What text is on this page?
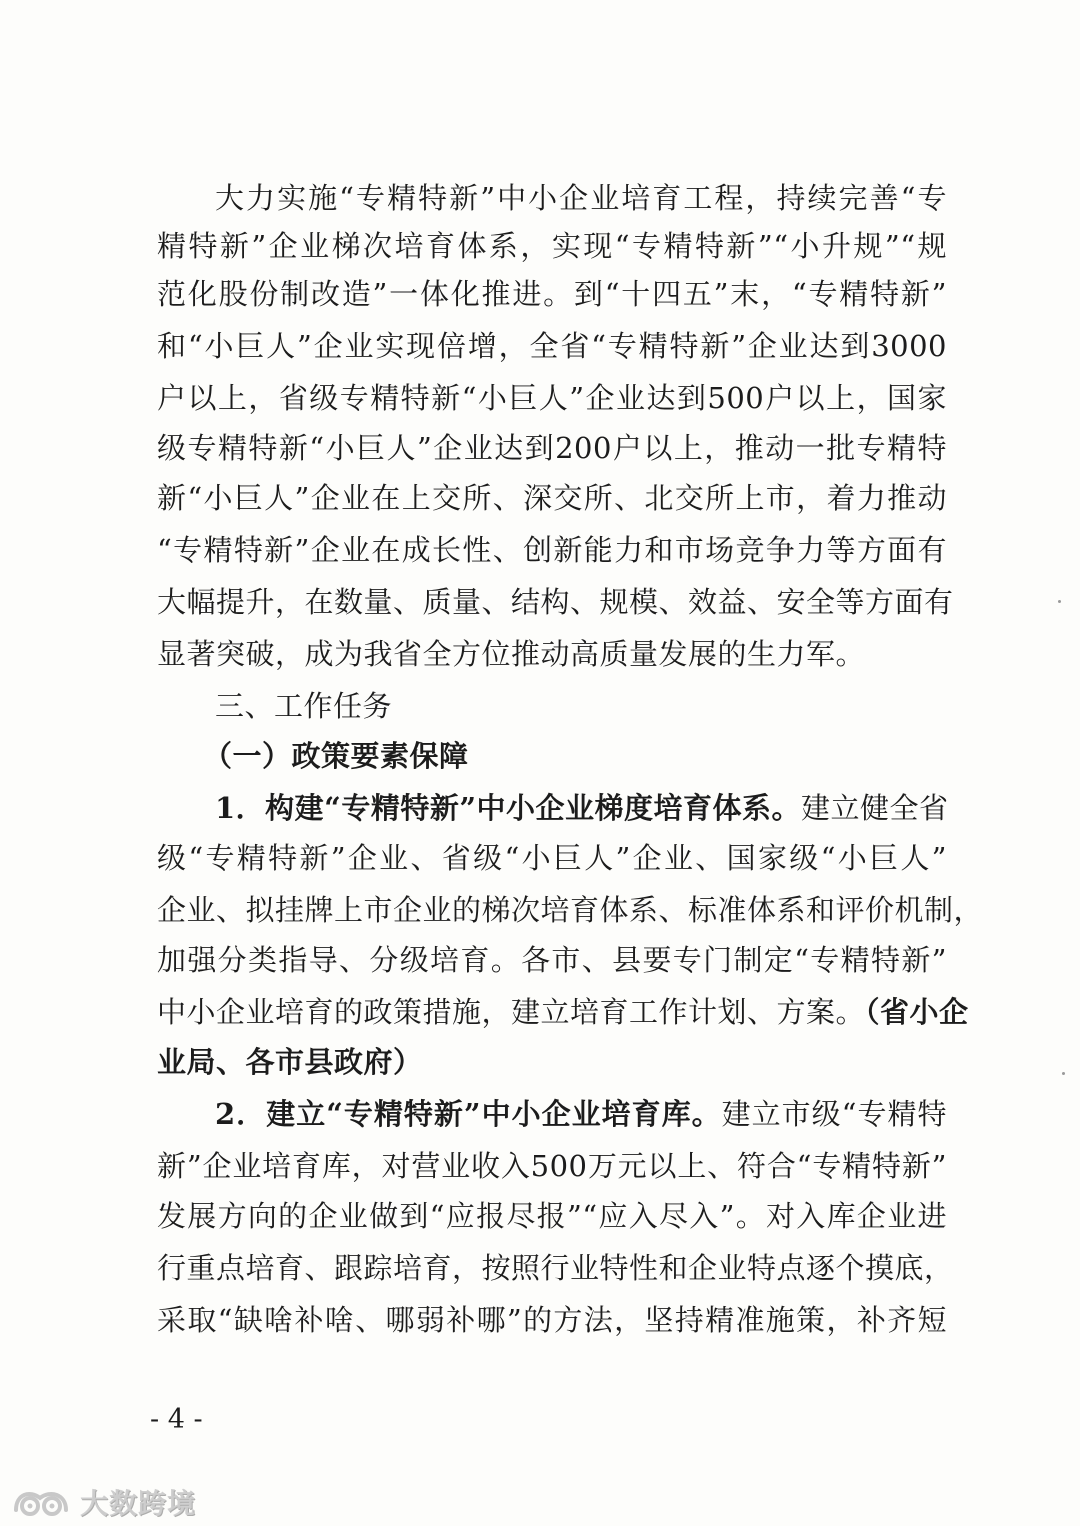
大力实施“专精特新”中小企业培育工程，持续完善“专
精特新”企业梯次培育体系，实现“专精特新”“小升规”“规
范化股份制改造”一体化推进。到“十四五”末，“专精特新”
和“小巨人”企业实现倍增，全省“专精特新”企业达到3000
户以上，省级专精特新“小巨人”企业达到500户以上，国家
级专精特新“小巨人”企业达到200户以上，推动一批专精特
新“小巨人”企业在上交所、深交所、北交所上市，着力推动
“专精特新”企业在成长性、创新能力和市场竞争力等方面有
大幅提升，在数量、质量、结构、规模、效益、安全等方面有
显著突破，成为我省全方位推动高质量发展的生力军。
三、工作任务
（一）政策要素保障
1．构建“专精特新”中小企业梯度培育体系。建立健全省
级“专精特新”企业、省级“小巨人”企业、国家级“小巨人”
企业、拟挂牌上市企业的梯次培育体系、标准体系和评价机制，
加强分类指导、分级培育。各市、县要专门制定“专精特新”
中小企业培育的政策措施，建立培育工作计划、方案。（省小企
业局、各市县政府）
2．建立“专精特新”中小企业培育库。建立市级“专精特
新”企业培育库，对营业收入500万元以上、符合“专精特新”
发展方向的企业做到“应报尽报”“应入尽入”。对入库企业进
行重点培育、跟踪培育，按照行业特性和企业特点逐个摸底，
采取“缺啥补啥、哪弱补哪”的方法，坚持精准施策，补齐短
- 4 -
大数跨境
